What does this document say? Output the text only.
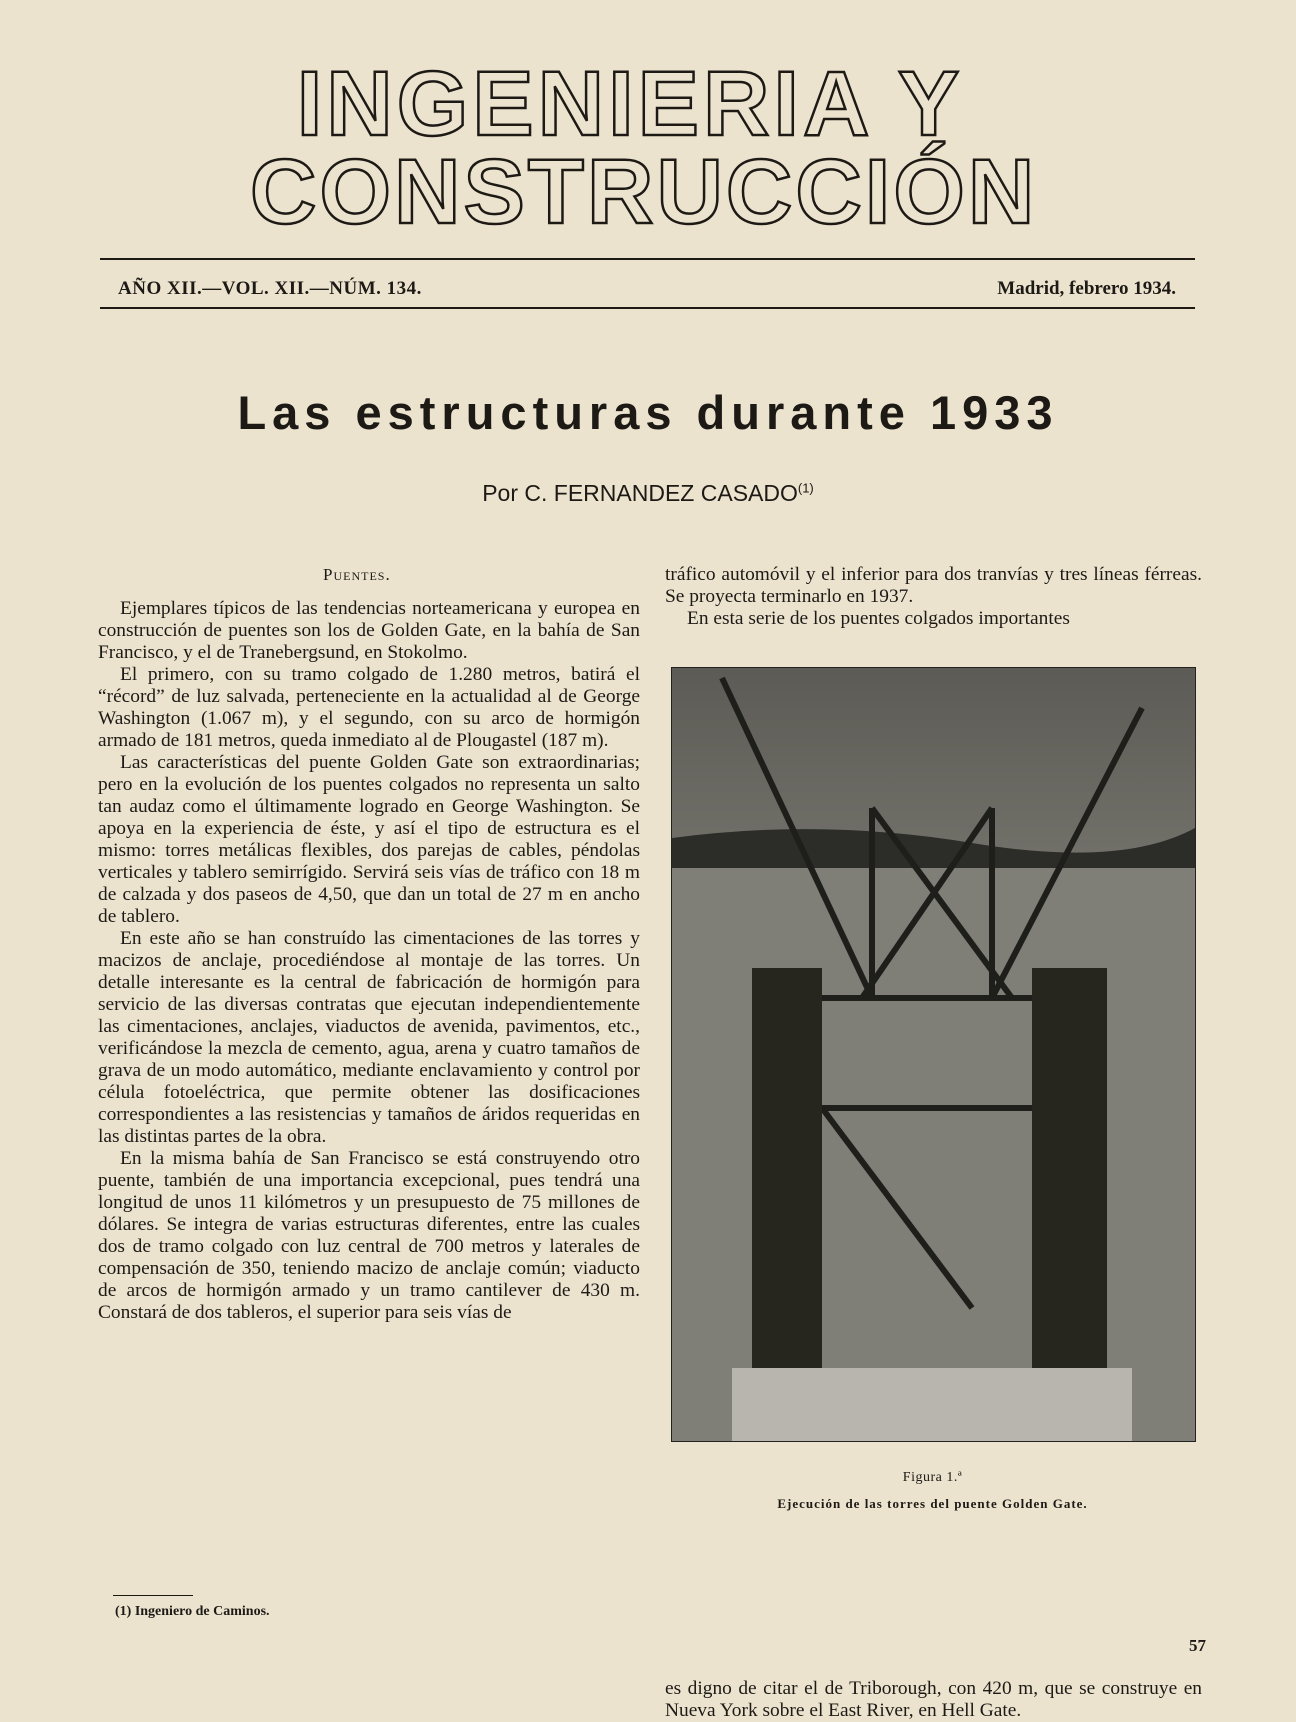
INGENIERIA Y
CONSTRUCCIÓN
AÑO XII.—VOL. XII.—NÚM. 134.	Madrid, febrero 1934.
Las estructuras durante 1933
Por C. FERNANDEZ CASADO$^{(1)}$
Puentes.

Ejemplares típicos de las tendencias norteamericana y europea en construcción de puentes son los de Golden Gate, en la bahía de San Francisco, y el de Tranebergsund, en Stokolmo.

El primero, con su tramo colgado de 1.280 metros, batirá el “récord” de luz salvada, perteneciente en la actualidad al de George Washington (1.067 m), y el segundo, con su arco de hormigón armado de 181 metros, queda inmediato al de Plougastel (187 m).

Las características del puente Golden Gate son extraordinarias; pero en la evolución de los puentes colgados no representa un salto tan audaz como el últimamente logrado en George Washington. Se apoya en la experiencia de éste, y así el tipo de estructura es el mismo: torres metálicas flexibles, dos parejas de cables, péndolas verticales y tablero semirrígido. Servirá seis vías de tráfico con 18 m de calzada y dos paseos de 4,50, que dan un total de 27 m en ancho de tablero.

En este año se han construído las cimentaciones de las torres y macizos de anclaje, procediéndose al montaje de las torres. Un detalle interesante es la central de fabricación de hormigón para servicio de las diversas contratas que ejecutan independientemente las cimentaciones, anclajes, viaductos de avenida, pavimentos, etc., verificándose la mezcla de cemento, agua, arena y cuatro tamaños de grava de un modo automático, mediante enclavamiento y control por célula fotoeléctrica, que permite obtener las dosificaciones correspondientes a las resistencias y tamaños de áridos requeridas en las distintas partes de la obra.

En la misma bahía de San Francisco se está construyendo otro puente, también de una importancia excepcional, pues tendrá una longitud de unos 11 kilómetros y un presupuesto de 75 millones de dólares. Se integra de varias estructuras diferentes, entre las cuales dos de tramo colgado con luz central de 700 metros y laterales de compensación de 350, teniendo macizo de anclaje común; viaducto de arcos de hormigón armado y un tramo cantilever de 430 m. Constará de dos tableros, el superior para seis vías de

tráfico automóvil y el inferior para dos tranvías y tres líneas férreas. Se proyecta terminarlo en 1937.

En esta serie de los puentes colgados importantes

Figura 1.ª
Ejecución de las torres del puente Golden Gate.

es digno de citar el de Triborough, con 420 m, que se construye en Nueva York sobre el East River, en Hell Gate.

(1) Ingeniero de Caminos.
57
